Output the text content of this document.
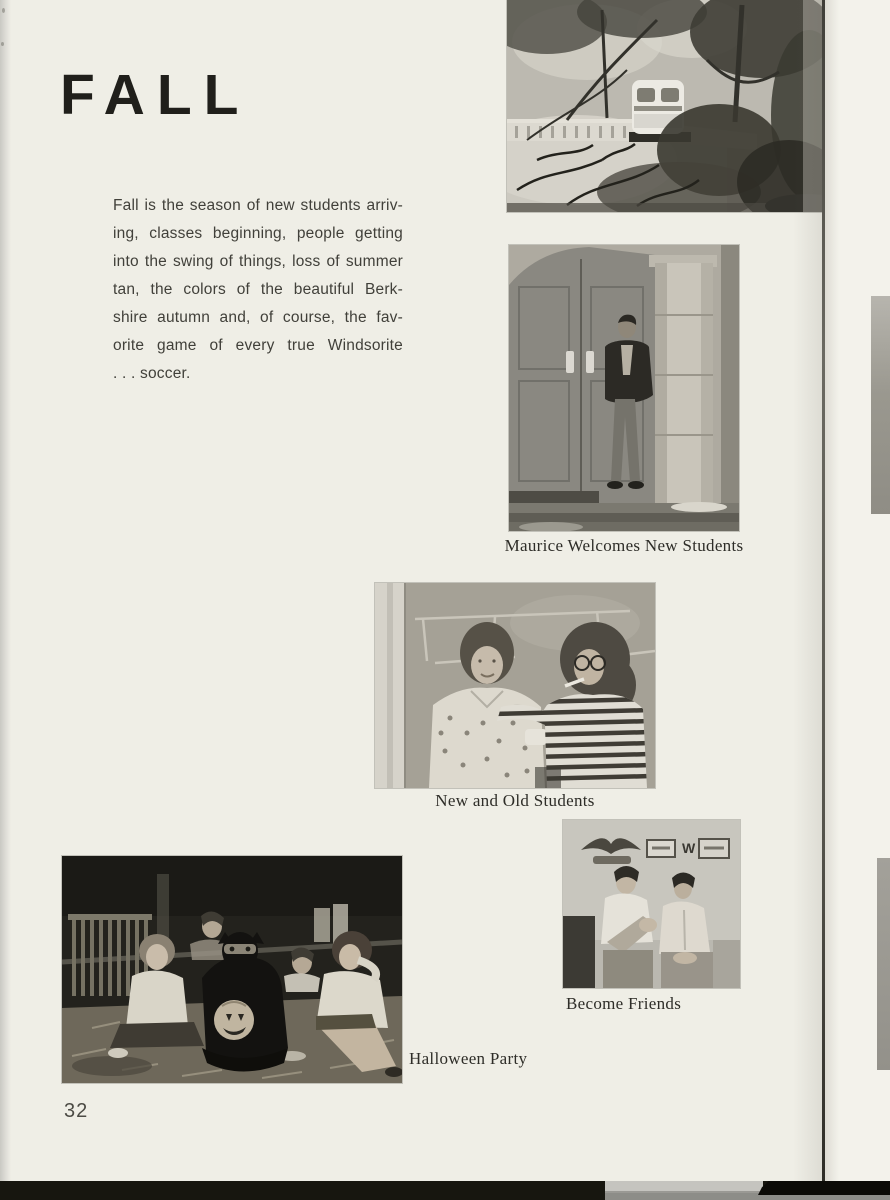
FALL
Fall is the season of new students arriv-
ing, classes beginning, people getting
into the swing of things, loss of summer
tan, the colors of the beautiful Berk-
shire autumn and, of course, the fav-
orite game of every true Windsorite
. . . soccer.
Maurice Welcomes New Students
New and Old Students
W
Become Friends
Halloween Party
32
